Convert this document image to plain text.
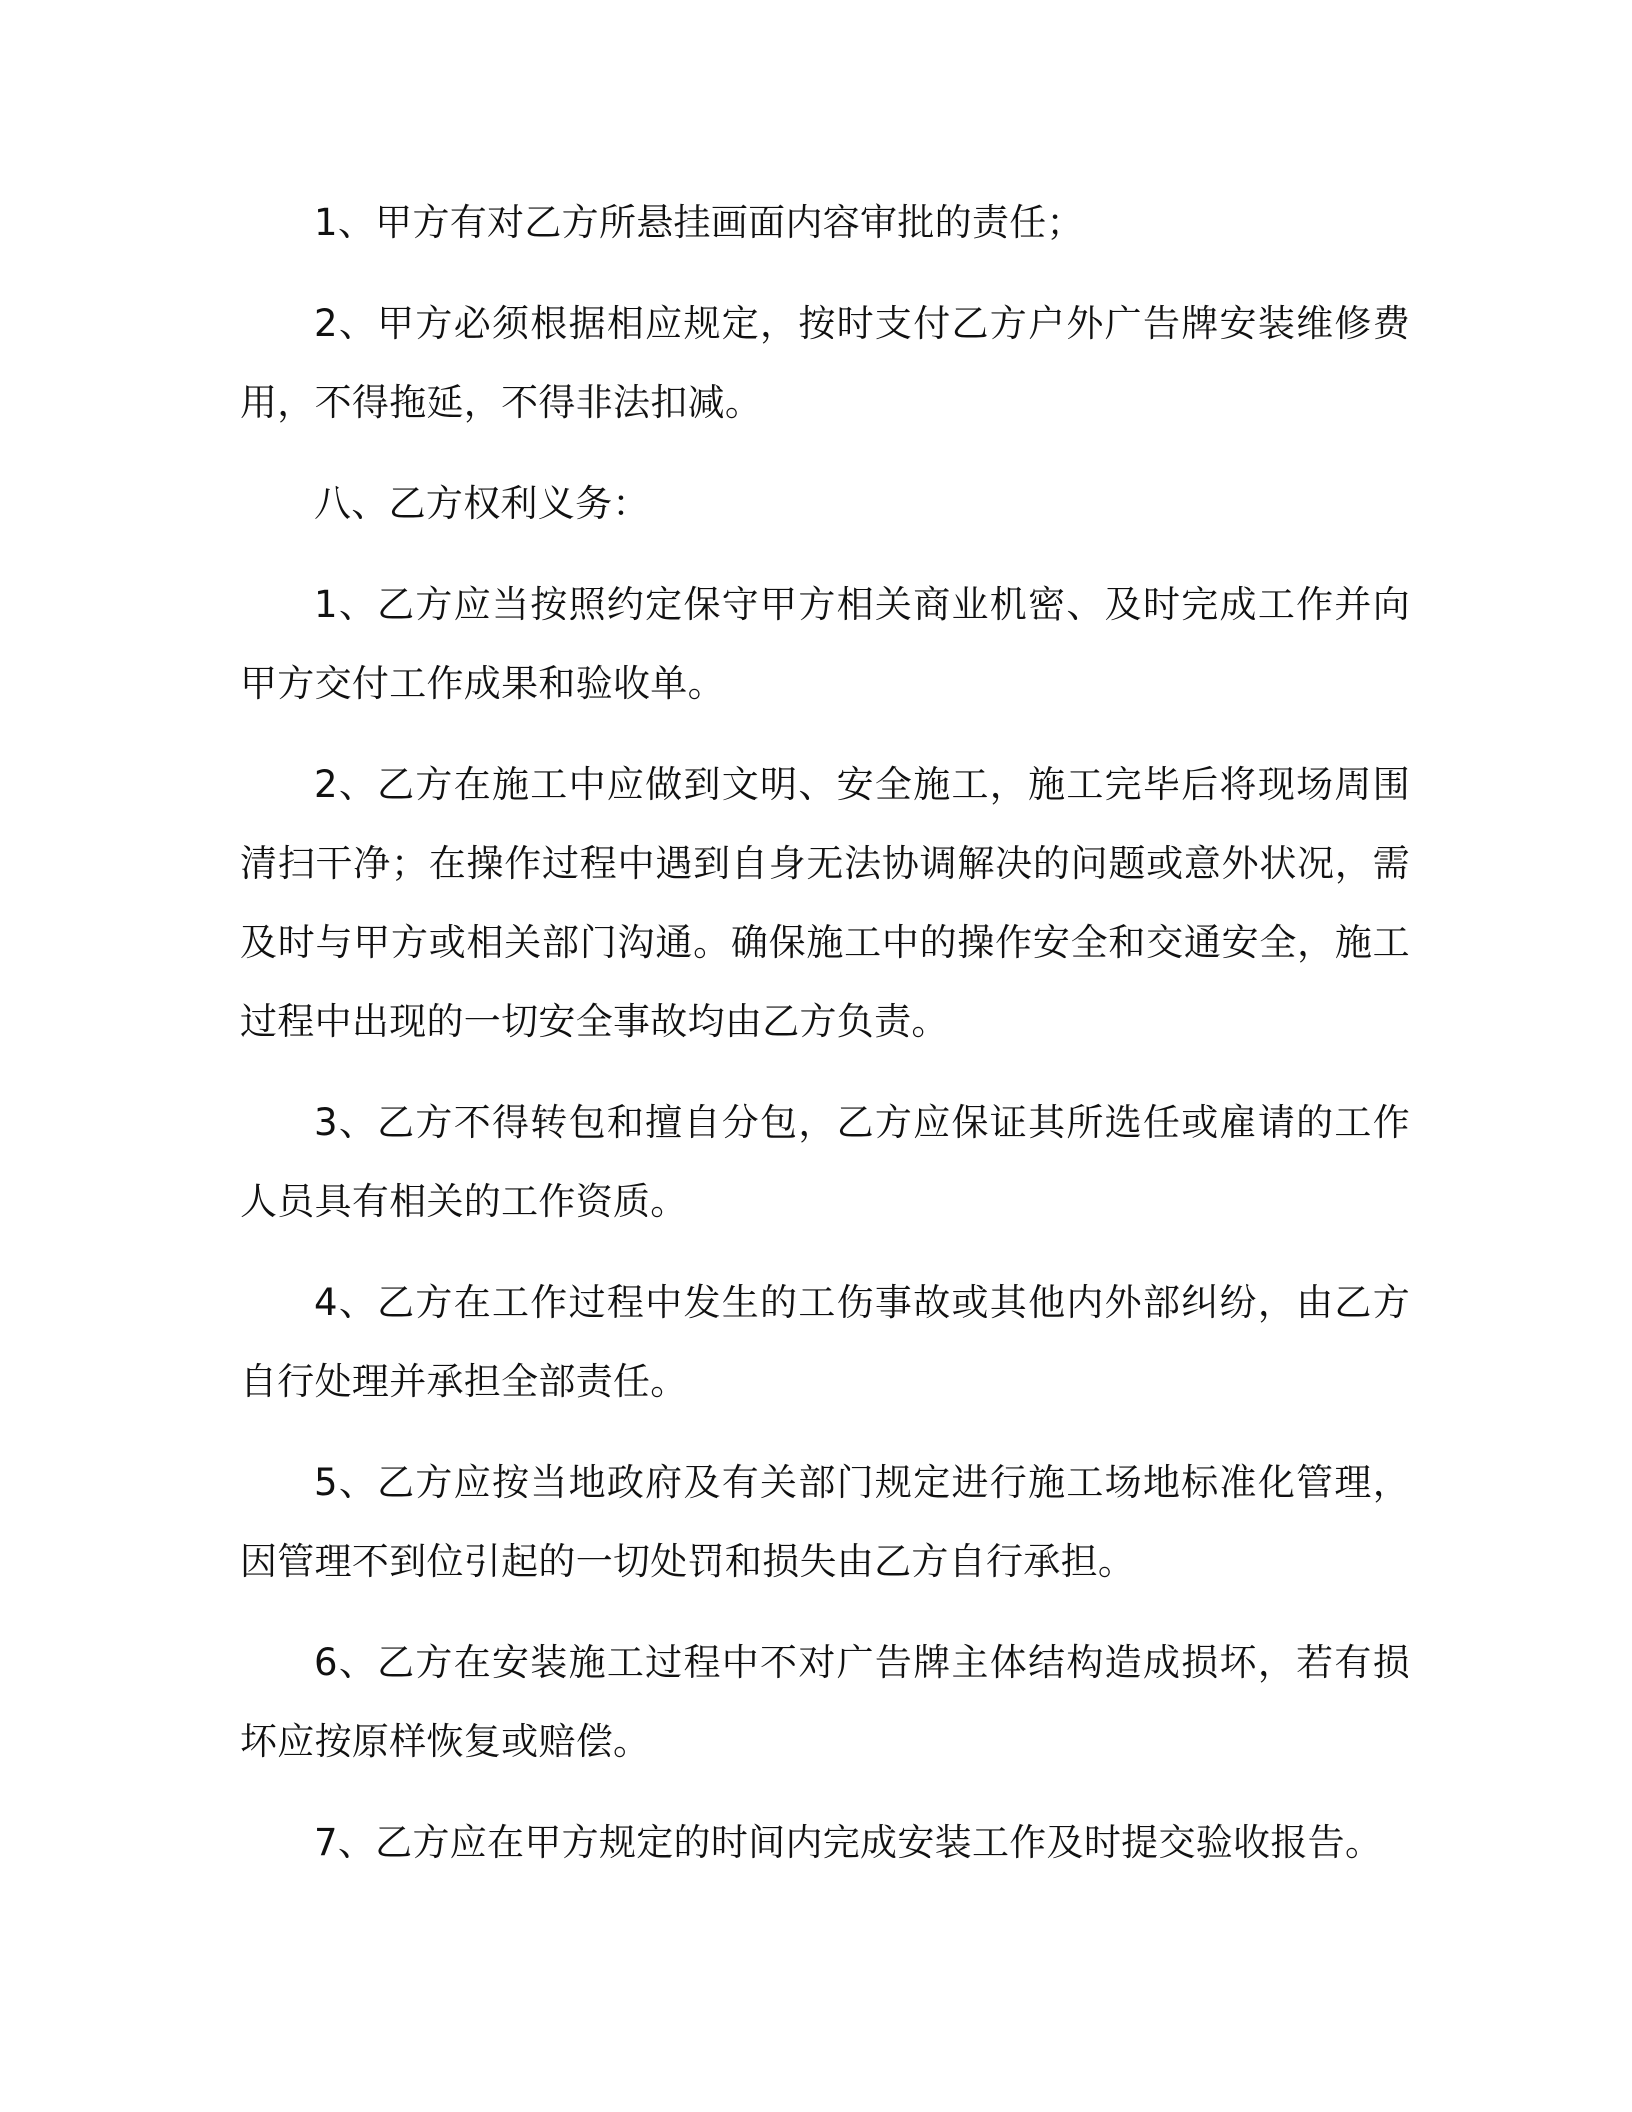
1、甲方有对乙方所悬挂画面内容审批的责任；

2、甲方必须根据相应规定，按时支付乙方户外广告牌安装维修费用，不得拖延，不得非法扣减。

八、乙方权利义务：

1、乙方应当按照约定保守甲方相关商业机密、及时完成工作并向甲方交付工作成果和验收单。

2、乙方在施工中应做到文明、安全施工，施工完毕后将现场周围清扫干净；在操作过程中遇到自身无法协调解决的问题或意外状况，需及时与甲方或相关部门沟通。确保施工中的操作安全和交通安全，施工过程中出现的一切安全事故均由乙方负责。

3、乙方不得转包和擅自分包，乙方应保证其所选任或雇请的工作人员具有相关的工作资质。

4、乙方在工作过程中发生的工伤事故或其他内外部纠纷，由乙方自行处理并承担全部责任。

5、乙方应按当地政府及有关部门规定进行施工场地标准化管理，因管理不到位引起的一切处罚和损失由乙方自行承担。

6、乙方在安装施工过程中不对广告牌主体结构造成损坏，若有损坏应按原样恢复或赔偿。

7、乙方应在甲方规定的时间内完成安装工作及时提交验收报告。
